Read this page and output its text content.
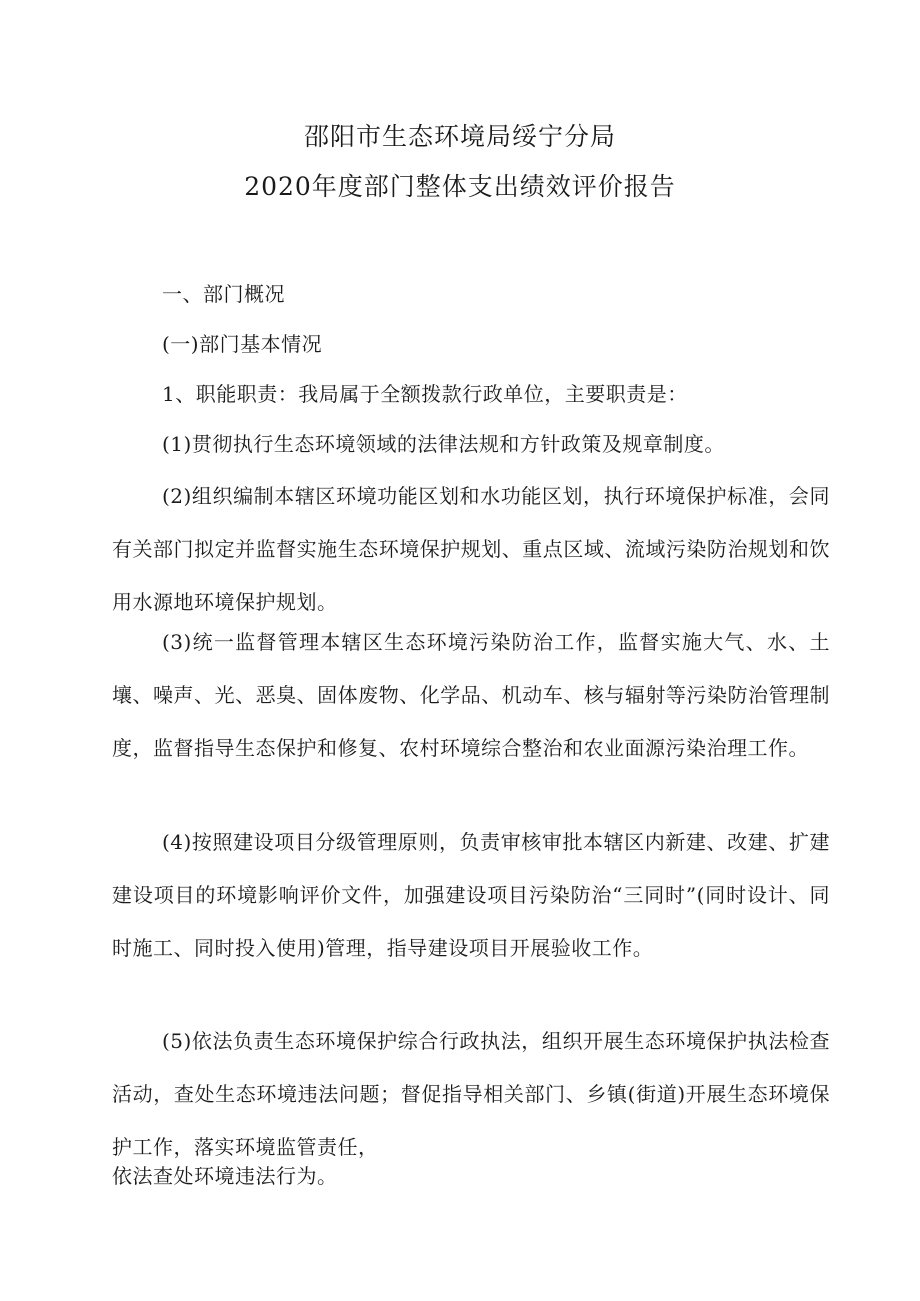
邵阳市生态环境局绥宁分局
2020年度部门整体支出绩效评价报告
一、部门概况
(一)部门基本情况
1、职能职责：我局属于全额拨款行政单位，主要职责是：
(1)贯彻执行生态环境领域的法律法规和方针政策及规章制度。
(2)组织编制本辖区环境功能区划和水功能区划，执行环境保护标准，会同有关部门拟定并监督实施生态环境保护规划、重点区域、流域污染防治规划和饮用水源地环境保护规划。
(3)统一监督管理本辖区生态环境污染防治工作，监督实施大气、水、土壤、噪声、光、恶臭、固体废物、化学品、机动车、核与辐射等污染防治管理制度，监督指导生态保护和修复、农村环境综合整治和农业面源污染治理工作。
(4)按照建设项目分级管理原则，负责审核审批本辖区内新建、改建、扩建建设项目的环境影响评价文件，加强建设项目污染防治“三同时”(同时设计、同时施工、同时投入使用)管理，指导建设项目开展验收工作。
(5)依法负责生态环境保护综合行政执法，组织开展生态环境保护执法检查活动，查处生态环境违法问题；督促指导相关部门、乡镇(街道)开展生态环境保护工作，落实环境监管责任，
依法查处环境违法行为。
